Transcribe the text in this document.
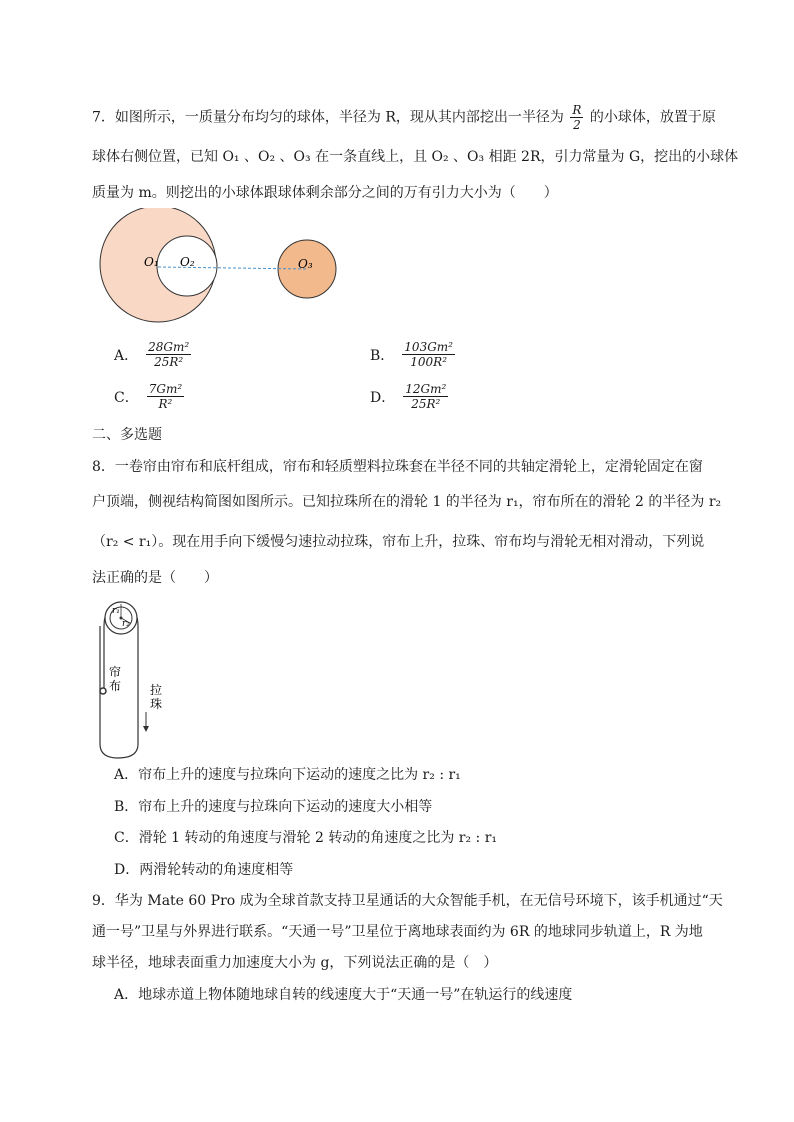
7．如图所示，一质量分布均匀的球体，半径为 R，现从其内部挖出一半径为 $\frac{R}{2}$ 的小球体，放置于原
球体右侧位置，已知 O₁ 、O₂ 、O₃ 在一条直线上，且 O₂ 、O₃ 相距 2R，引力常量为 G，挖出的小球体
质量为 m。则挖出的小球体跟球体剩余部分之间的万有引力大小为（　　）
O₁ O₂	O₃
A． $\frac{\text{28Gm²}}{\text{25R²}}$	B． $\frac{\text{103Gm²}}{\text{100R²}}$
C． $\frac{\text{7Gm²}}{\text{R²}}$	D． $\frac{\text{12Gm²}}{\text{25R²}}$
二、多选题
8．一卷帘由帘布和底杆组成，帘布和轻质塑料拉珠套在半径不同的共轴定滑轮上，定滑轮固定在窗
户顶端，侧视结构简图如图所示。已知拉珠所在的滑轮 1 的半径为 r₁，帘布所在的滑轮 2 的半径为 r₂
（r₂ < r₁）。现在用手向下缓慢匀速拉动拉珠，帘布上升，拉珠、帘布均与滑轮无相对滑动，下列说
法正确的是（　　）
r₁
r₂
帘
布 拉
珠
A．帘布上升的速度与拉珠向下运动的速度之比为 r₂ : r₁
B．帘布上升的速度与拉珠向下运动的速度大小相等
C．滑轮 1 转动的角速度与滑轮 2 转动的角速度之比为 r₂ : r₁
D．两滑轮转动的角速度相等
9．华为 Mate 60 Pro 成为全球首款支持卫星通话的大众智能手机，在无信号环境下，该手机通过“天
通一号”卫星与外界进行联系。“天通一号”卫星位于离地球表面约为 6R 的地球同步轨道上，R 为地
球半径，地球表面重力加速度大小为 g，下列说法正确的是（　）
A．地球赤道上物体随地球自转的线速度大于“天通一号”在轨运行的线速度
